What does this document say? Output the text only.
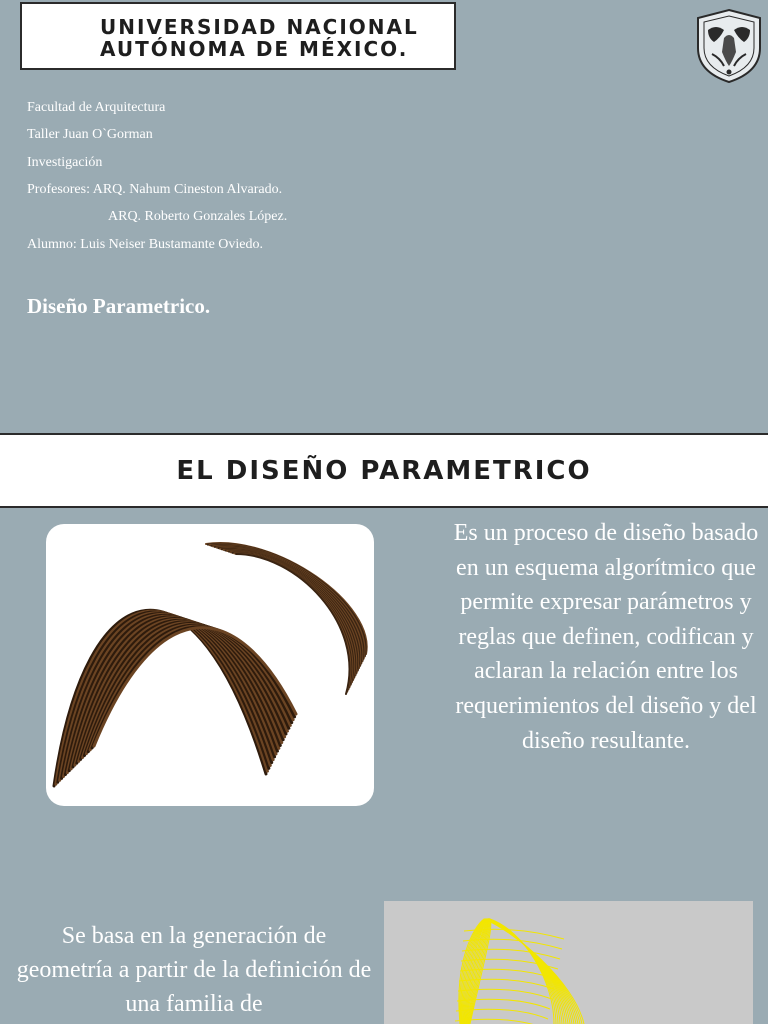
UNIVERSIDAD NACIONAL
AUTÓNOMA DE MÉXICO.
Facultad de Arquitectura
Taller Juan O`Gorman
Investigación
Profesores: ARQ. Nahum Cineston Alvarado.
ARQ. Roberto Gonzales López.
Alumno: Luis Neiser Bustamante Oviedo.
Diseño Parametrico.
EL DISEÑO PARAMETRICO
Es un proceso de diseño basado en un esquema algorítmico que permite expresar parámetros y reglas que definen, codifican y aclaran la relación entre los requerimientos del diseño y del diseño resultante.
Se basa en la generación de geometría a partir de la definición de una familia de
